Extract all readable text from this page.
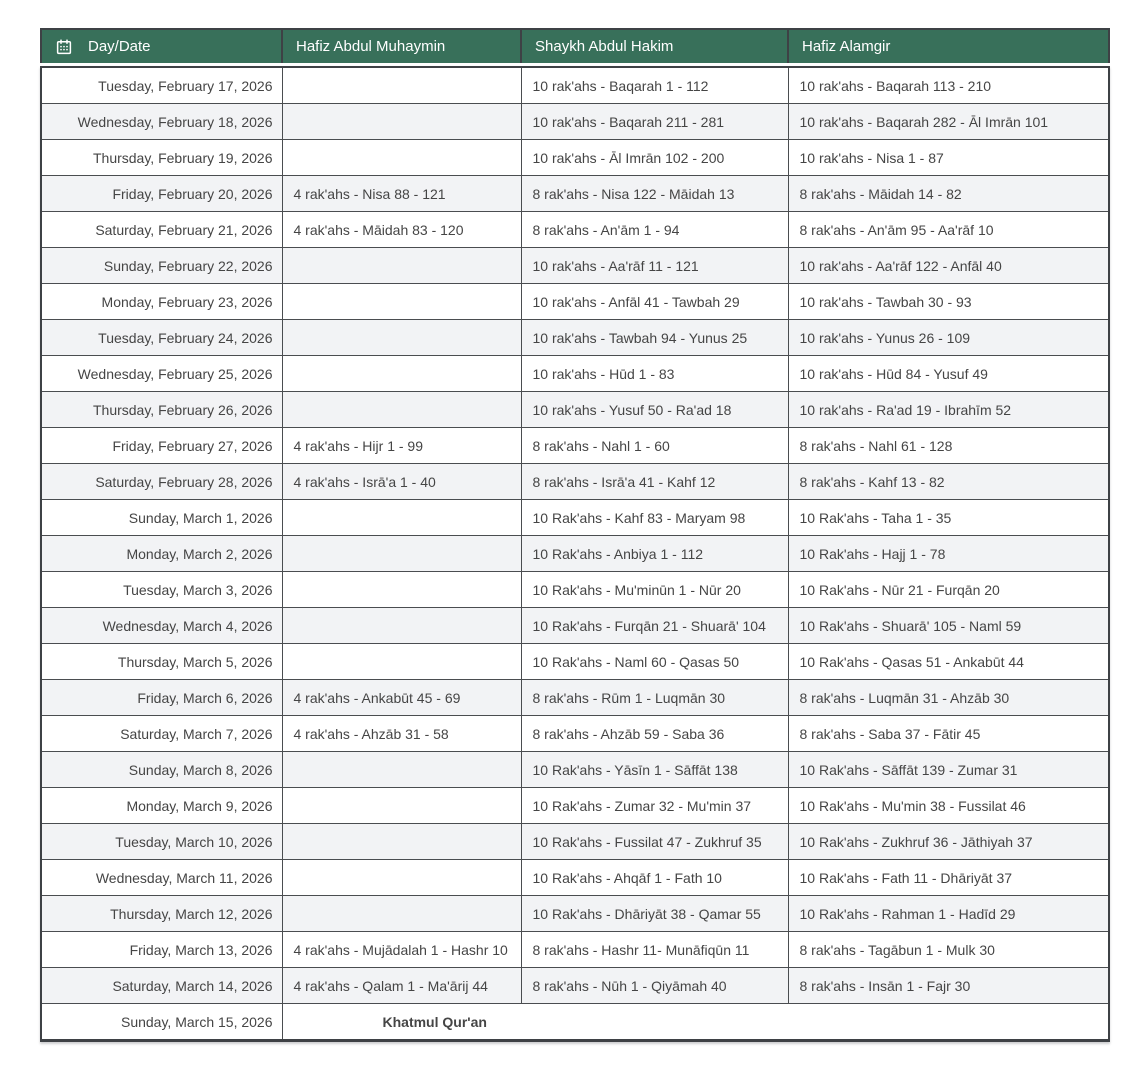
Day/Date	Hafiz Abdul Muhaymin	Shaykh Abdul Hakim	Hafiz Alamgir
Tuesday, February 17, 2026		10 rak'ahs - Baqarah 1 - 112	10 rak'ahs - Baqarah 113 - 210
Wednesday, February 18, 2026		10 rak'ahs - Baqarah 211 - 281	10 rak'ahs - Baqarah 282 - Āl Imrān 101
Thursday, February 19, 2026		10 rak'ahs - Āl Imrān 102 - 200	10 rak'ahs - Nisa 1 - 87
Friday, February 20, 2026	4 rak'ahs - Nisa 88 - 121	8 rak'ahs - Nisa 122 - Māidah 13	8 rak'ahs - Māidah 14 - 82
Saturday, February 21, 2026	4 rak'ahs - Māidah 83 - 120	8 rak'ahs - An'ām 1 - 94	8 rak'ahs - An'ām 95 - Aa'rāf 10
Sunday, February 22, 2026		10 rak'ahs - Aa'rāf 11 - 121	10 rak'ahs - Aa'rāf 122 - Anfāl 40
Monday, February 23, 2026		10 rak'ahs - Anfāl 41 - Tawbah 29	10 rak'ahs - Tawbah 30 - 93
Tuesday, February 24, 2026		10 rak'ahs - Tawbah 94 - Yunus 25	10 rak'ahs - Yunus 26 - 109
Wednesday, February 25, 2026		10 rak'ahs - Hūd 1 - 83	10 rak'ahs - Hūd 84 - Yusuf 49
Thursday, February 26, 2026		10 rak'ahs - Yusuf 50 - Ra'ad 18	10 rak'ahs - Ra'ad 19 - Ibrahīm 52
Friday, February 27, 2026	4 rak'ahs - Hijr 1 - 99	8 rak'ahs - Nahl 1 - 60	8 rak'ahs - Nahl 61 - 128
Saturday, February 28, 2026	4 rak'ahs - Isrā'a 1 - 40	8 rak'ahs - Isrā'a 41 - Kahf 12	8 rak'ahs - Kahf 13 - 82
Sunday, March 1, 2026		10 Rak'ahs - Kahf 83 - Maryam 98	10 Rak'ahs - Taha 1 - 35
Monday, March 2, 2026		10 Rak'ahs - Anbiya 1 - 112	10 Rak'ahs - Hajj 1 - 78
Tuesday, March 3, 2026		10 Rak'ahs - Mu'minūn 1 - Nūr 20	10 Rak'ahs - Nūr 21 - Furqān 20
Wednesday, March 4, 2026		10 Rak'ahs - Furqān 21 - Shuarā' 104	10 Rak'ahs - Shuarā' 105 - Naml 59
Thursday, March 5, 2026		10 Rak'ahs - Naml 60 - Qasas 50	10 Rak'ahs - Qasas 51 - Ankabūt 44
Friday, March 6, 2026	4 rak'ahs - Ankabūt 45 - 69	8 rak'ahs - Rūm 1 - Luqmān 30	8 rak'ahs - Luqmān 31 - Ahzāb 30
Saturday, March 7, 2026	4 rak'ahs - Ahzāb 31 - 58	8 rak'ahs - Ahzāb 59 - Saba 36	8 rak'ahs - Saba 37 - Fātir 45
Sunday, March 8, 2026		10 Rak'ahs - Yāsīn 1 - Sāffāt 138	10 Rak'ahs - Sāffāt 139 - Zumar 31
Monday, March 9, 2026		10 Rak'ahs - Zumar 32 - Mu'min 37	10 Rak'ahs - Mu'min 38 - Fussilat 46
Tuesday, March 10, 2026		10 Rak'ahs - Fussilat 47 - Zukhruf 35	10 Rak'ahs - Zukhruf 36 - Jāthiyah 37
Wednesday, March 11, 2026		10 Rak'ahs - Ahqāf 1 - Fath 10	10 Rak'ahs - Fath 11 - Dhāriyāt 37
Thursday, March 12, 2026		10 Rak'ahs - Dhāriyāt 38 - Qamar 55	10 Rak'ahs - Rahman 1 - Hadīd 29
Friday, March 13, 2026	4 rak'ahs - Mujādalah 1 - Hashr 10	8 rak'ahs - Hashr 11- Munāfiqūn 11	8 rak'ahs - Tagābun 1 - Mulk 30
Saturday, March 14, 2026	4 rak'ahs - Qalam 1 - Ma'ārij 44	8 rak'ahs - Nūh 1 - Qiyāmah 40	8 rak'ahs - Insān 1 - Fajr 30
Sunday, March 15, 2026	Khatmul Qur'an		
